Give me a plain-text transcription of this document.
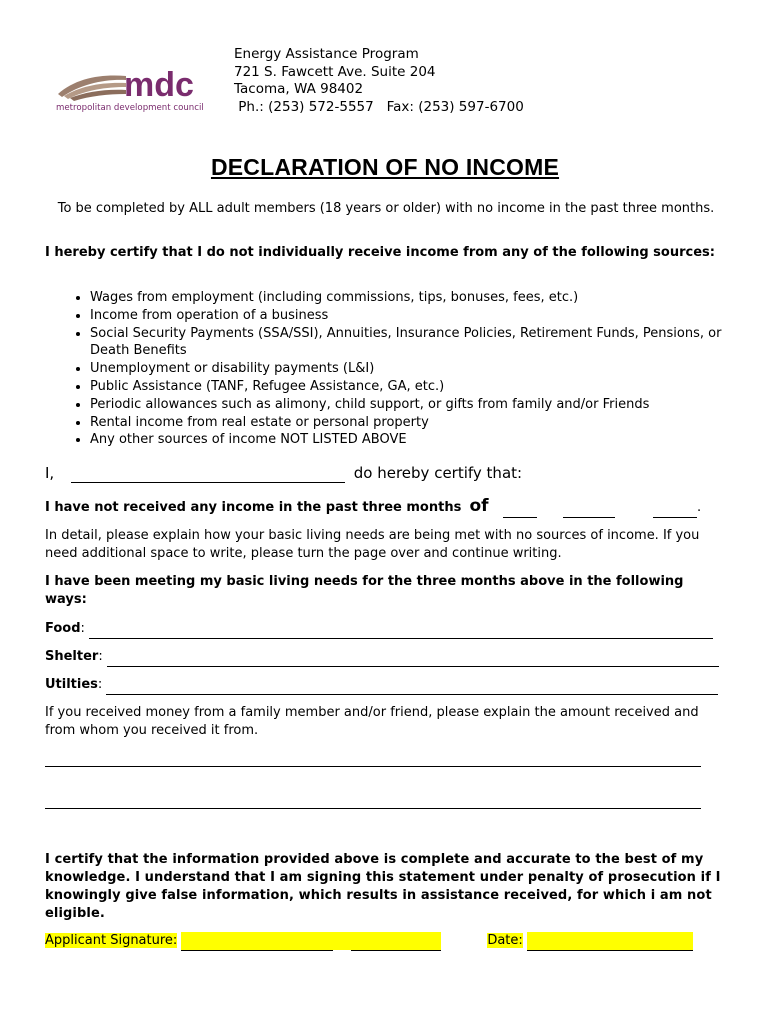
mdc
metropolitan development council
Energy Assistance Program
721 S. Fawcett Ave. Suite 204
Tacoma, WA 98402
Ph.: (253) 572-5557   Fax: (253) 597-6700
DECLARATION OF NO INCOME
To be completed by ALL adult members (18 years or older) with no income in the past three months.
I hereby certify that I do not individually receive income from any of the following sources:
• Wages from employment (including commissions, tips, bonuses, fees, etc.)
• Income from operation of a business
• Social Security Payments (SSA/SSI), Annuities, Insurance Policies, Retirement Funds, Pensions, or Death Benefits
• Unemployment or disability payments (L&I)
• Public Assistance (TANF, Refugee Assistance, GA, etc.)
• Periodic allowances such as alimony, child support, or gifts from family and/or Friends
• Rental income from real estate or personal property
• Any other sources of income NOT LISTED ABOVE
I,	do hereby certify that:
I have not received any income in the past three months of	.
In detail, please explain how your basic living needs are being met with no sources of income. If you need additional space to write, please turn the page over and continue writing.
I have been meeting my basic living needs for the three months above in the following ways:
Food:
Shelter:
Utilties:
If you received money from a family member and/or friend, please explain the amount received and from whom you received it from.
I certify that the information provided above is complete and accurate to the best of my knowledge. I understand that I am signing this statement under penalty of prosecution if I knowingly give false information, which results in assistance received, for which i am not eligible.
Applicant Signature:	Date:
